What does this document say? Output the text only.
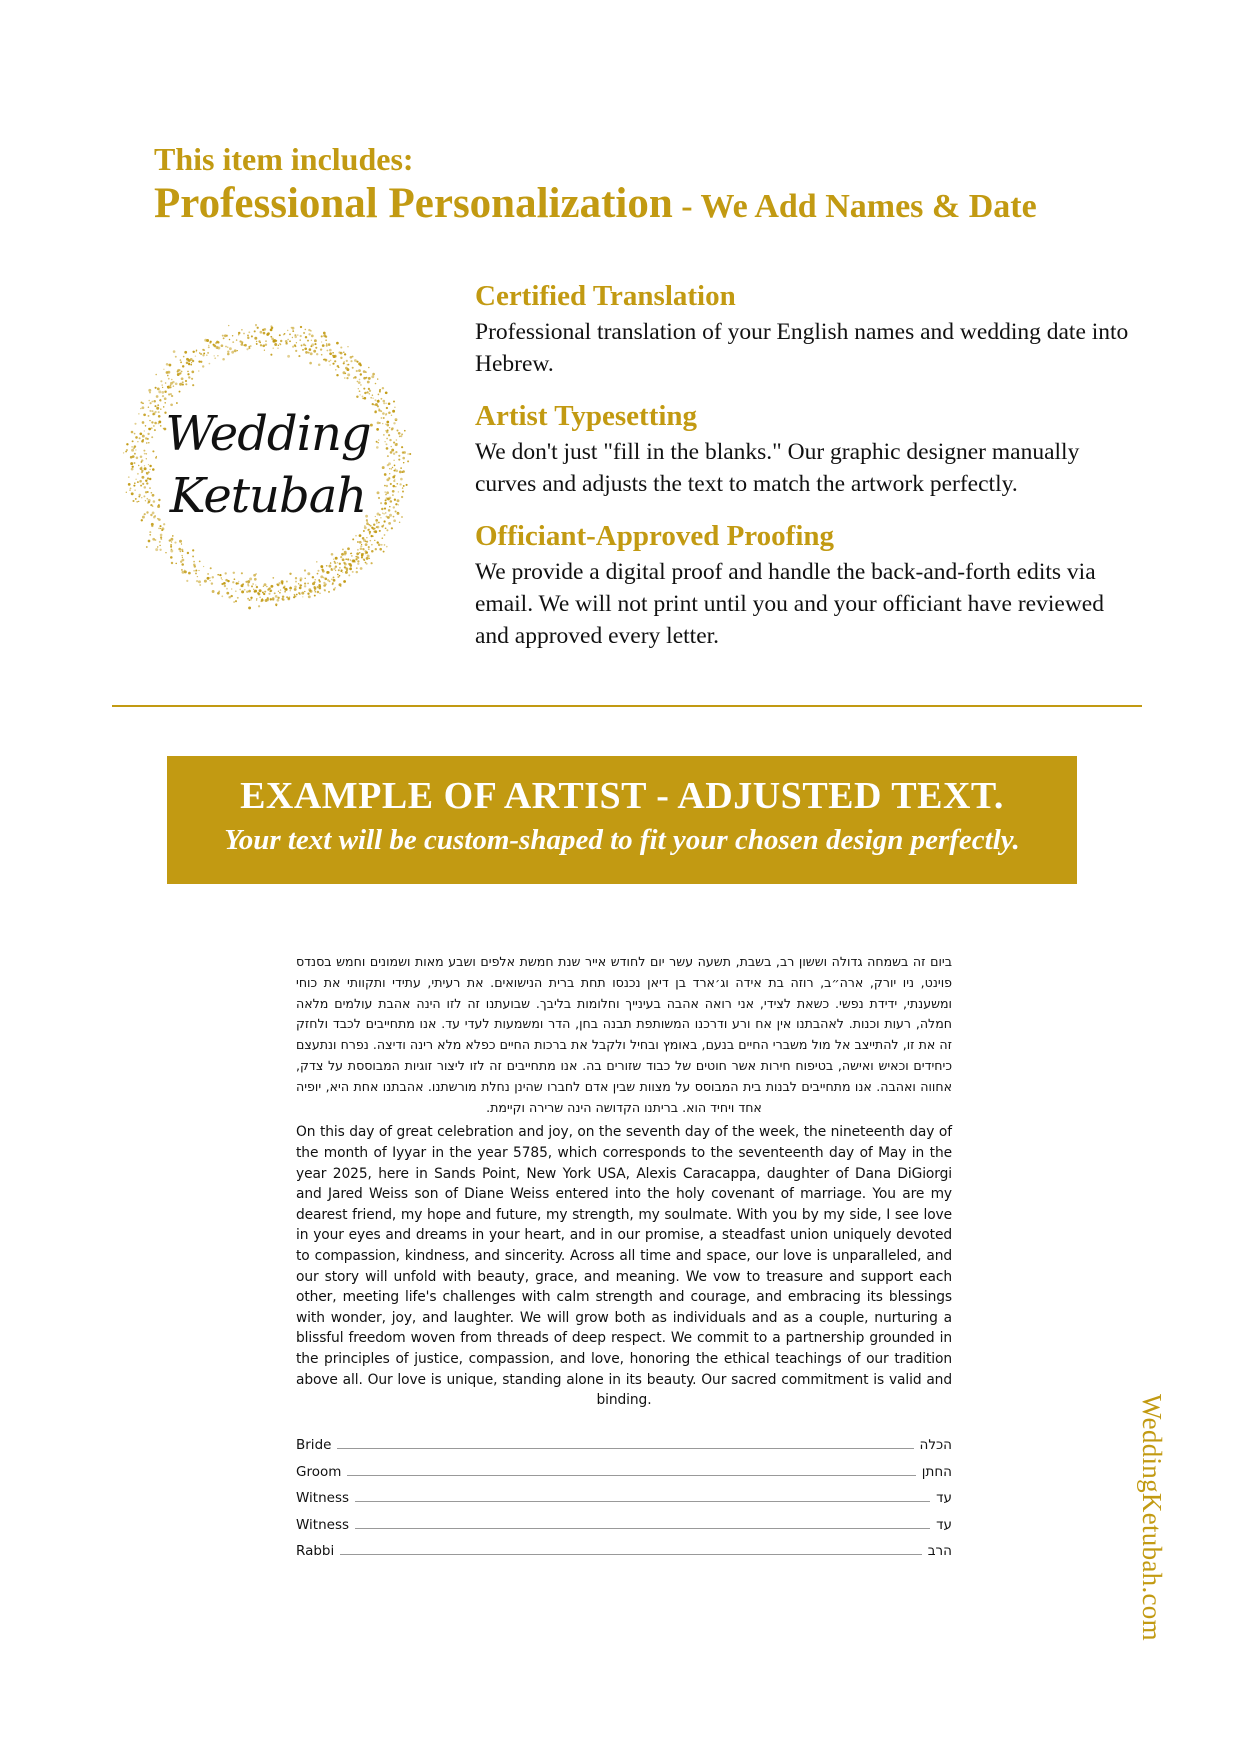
This item includes:
Professional Personalization - We Add Names & Date
Wedding
Ketubah
Certified Translation

Professional translation of your English names and wedding date into Hebrew.

Artist Typesetting

We don't just "fill in the blanks." Our graphic designer manually curves and adjusts the text to match the artwork perfectly.

Officiant-Approved Proofing

We provide a digital proof and handle the back-and-forth edits via email. We will not print until you and your officiant have reviewed and approved every letter.

EXAMPLE OF ARTIST - ADJUSTED TEXT.
Your text will be custom-shaped to fit your chosen design perfectly.
ביום זה בשמחה גדולה וששון רב, בשבת, תשעה עשר יום לחודש אייר שנת חמשת אלפים ושבע מאות ושמונים וחמש בסנדס פוינט, ניו יורק, ארה״ב, רוזה בת אידה וג׳ארד בן דיאן נכנסו תחת ברית הנישואים. את רעיתי, עתידי ותקוותי את כוחי ומשענתי, ידידת נפשי. כשאת לצידי, אני רואה אהבה בעינייך וחלומות בליבך. שבועתנו זה לזו הינה אהבת עולמים מלאה חמלה, רעות וכנות. לאהבתנו אין אח ורע ודרכנו המשותפת תבנה בחן, הדר ומשמעות לעדי עד. אנו מתחייבים לכבד ולחזק זה את זו, להתייצב אל מול משברי החיים בנעם, באומץ ובחיל ולקבל את ברכות החיים כפלא מלא רינה ודיצה. נפרח ונתעצם כיחידים וכאיש ואישה, בטיפוח חירות אשר חוטים של כבוד שזורים בה. אנו מתחייבים זה לזו ליצור זוגיות המבוססת על צדק, אחווה ואהבה. אנו מתחייבים לבנות בית המבוסס על מצוות שבין אדם לחברו שהינן נחלת מורשתנו. אהבתנו אחת היא, יופיה אחד ויחיד הוא. בריתנו הקדושה הינה שרירה וקיימת.
On this day of great celebration and joy, on the seventh day of the week, the nineteenth day of the month of Iyyar in the year 5785, which corresponds to the seventeenth day of May in the year 2025, here in Sands Point, New York USA, Alexis Caracappa, daughter of Dana DiGiorgi and Jared Weiss son of Diane Weiss entered into the holy covenant of marriage. You are my dearest friend, my hope and future, my strength, my soulmate. With you by my side, I see love in your eyes and dreams in your heart, and in our promise, a steadfast union uniquely devoted to compassion, kindness, and sincerity. Across all time and space, our love is unparalleled, and our story will unfold with beauty, grace, and meaning. We vow to treasure and support each other, meeting life's challenges with calm strength and courage, and embracing its blessings with wonder, joy, and laughter. We will grow both as individuals and as a couple, nurturing a blissful freedom woven from threads of deep respect. We commit to a partnership grounded in the principles of justice, compassion, and love, honoring the ethical teachings of our tradition above all. Our love is unique, standing alone in its beauty. Our sacred commitment is valid and binding.
Bride	הכלה
Groom	החתן
Witness	עד
Witness	עד
Rabbi	הרב	WeddingKetubah.com
